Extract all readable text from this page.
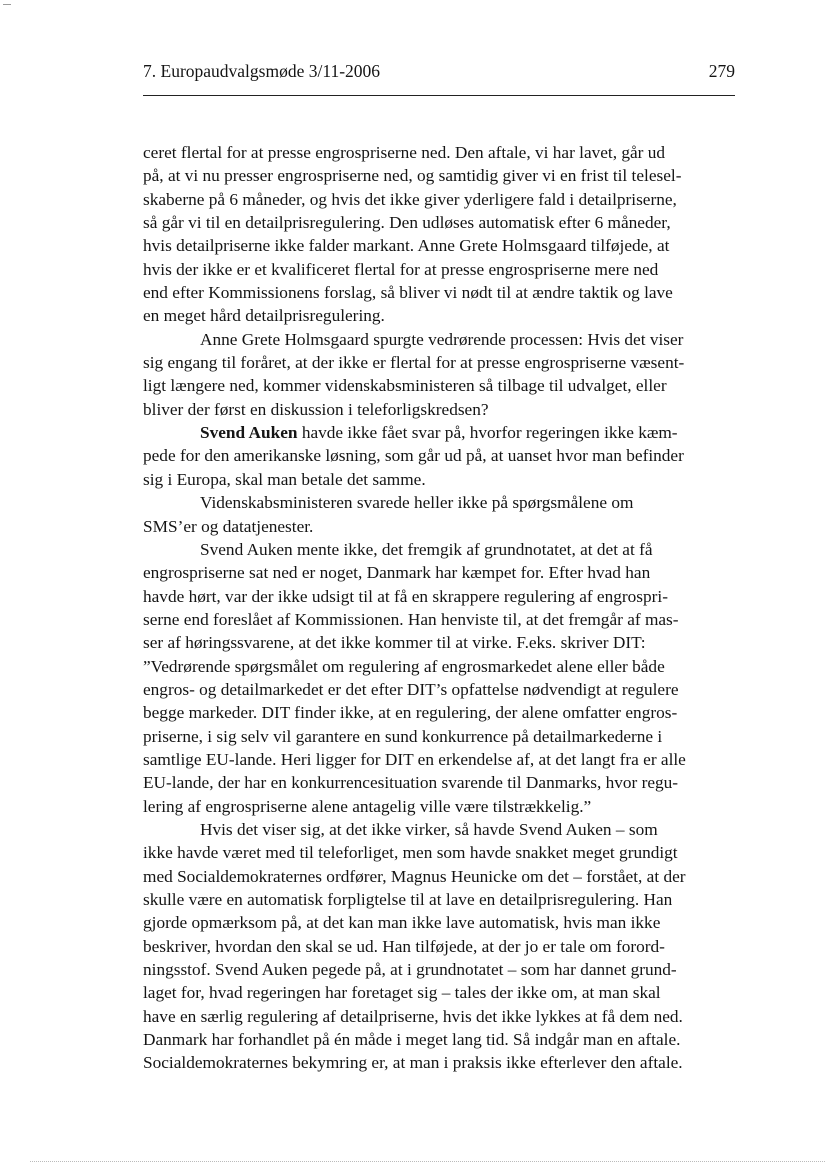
7. Europaudvalgsmøde 3/11-2006	279
ceret flertal for at presse engrospriserne ned. Den aftale, vi har lavet, går ud
på, at vi nu presser engrospriserne ned, og samtidig giver vi en frist til telesel-
skaberne på 6 måneder, og hvis det ikke giver yderligere fald i detailpriserne,
så går vi til en detailprisregulering. Den udløses automatisk efter 6 måneder,
hvis detailpriserne ikke falder markant. Anne Grete Holmsgaard tilføjede, at
hvis der ikke er et kvalificeret flertal for at presse engrospriserne mere ned
end efter Kommissionens forslag, så bliver vi nødt til at ændre taktik og lave
en meget hård detailprisregulering.
Anne Grete Holmsgaard spurgte vedrørende processen: Hvis det viser
sig engang til foråret, at der ikke er flertal for at presse engrospriserne væsent-
ligt længere ned, kommer videnskabsministeren så tilbage til udvalget, eller
bliver der først en diskussion i teleforligskredsen?
Svend Auken havde ikke fået svar på, hvorfor regeringen ikke kæm-
pede for den amerikanske løsning, som går ud på, at uanset hvor man befinder
sig i Europa, skal man betale det samme.
Videnskabsministeren svarede heller ikke på spørgsmålene om
SMS’er og datatjenester.
Svend Auken mente ikke, det fremgik af grundnotatet, at det at få
engrospriserne sat ned er noget, Danmark har kæmpet for. Efter hvad han
havde hørt, var der ikke udsigt til at få en skrappere regulering af engrospri-
serne end foreslået af Kommissionen. Han henviste til, at det fremgår af mas-
ser af høringssvarene, at det ikke kommer til at virke. F.eks. skriver DIT:
”Vedrørende spørgsmålet om regulering af engrosmarkedet alene eller både
engros- og detailmarkedet er det efter DIT’s opfattelse nødvendigt at regulere
begge markeder. DIT finder ikke, at en regulering, der alene omfatter engros-
priserne, i sig selv vil garantere en sund konkurrence på detailmarkederne i
samtlige EU-lande. Heri ligger for DIT en erkendelse af, at det langt fra er alle
EU-lande, der har en konkurrencesituation svarende til Danmarks, hvor regu-
lering af engrospriserne alene antagelig ville være tilstrækkelig.”
Hvis det viser sig, at det ikke virker, så havde Svend Auken – som
ikke havde været med til teleforliget, men som havde snakket meget grundigt
med Socialdemokraternes ordfører, Magnus Heunicke om det – forstået, at der
skulle være en automatisk forpligtelse til at lave en detailprisregulering. Han
gjorde opmærksom på, at det kan man ikke lave automatisk, hvis man ikke
beskriver, hvordan den skal se ud. Han tilføjede, at der jo er tale om forord-
ningsstof. Svend Auken pegede på, at i grundnotatet – som har dannet grund-
laget for, hvad regeringen har foretaget sig – tales der ikke om, at man skal
have en særlig regulering af detailpriserne, hvis det ikke lykkes at få dem ned.
Danmark har forhandlet på én måde i meget lang tid. Så indgår man en aftale.
Socialdemokraternes bekymring er, at man i praksis ikke efterlever den aftale.
